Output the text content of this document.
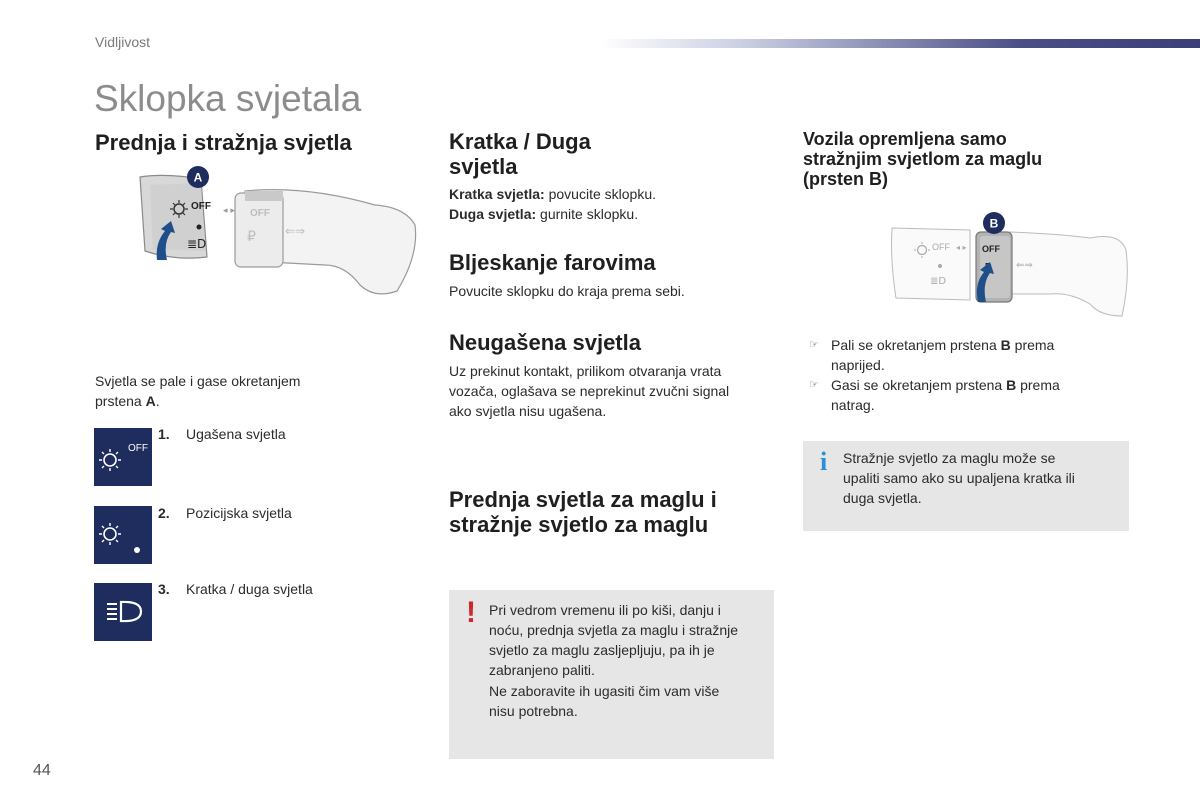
Vidljivost
Sklopka svjetala
Prednja i stražnja svjetla
OFF
₽ ⇐⇒
OFF
≣D
◂ ▸
A
Svjetla se pale i gase okretanjem
prstena A.
OFF
1. Ugašena svjetla
2. Pozicijska svjetla
3. Kratka / duga svjetla
Kratka / Duga
svjetla
Kratka svjetla: povucite sklopku.
Duga svjetla: gurnite sklopku.
Bljeskanje farovima
Povucite sklopku do kraja prema sebi.
Neugašena svjetla
Uz prekinut kontakt, prilikom otvaranja vrata
vozača, oglašava se neprekinut zvučni signal
ako svjetla nisu ugašena.
Prednja svjetla za maglu i
stražnje svjetlo za maglu
! Pri vedrom vremenu ili po kiši, danju i
noću, prednja svjetla za maglu i stražnje
svjetlo za maglu zasljepljuju, pa ih je
zabranjeno paliti.
Ne zaboravite ih ugasiti čim vam više
nisu potrebna.
Vozila opremljena samo
stražnjim svjetlom za maglu
(prsten B)
OFF
≣D
◂ ▸ OFF
⇐⇒
B
☞ Pali se okretanjem prstena B prema
naprijed.
☞ Gasi se okretanjem prstena B prema
natrag.
i Stražnje svjetlo za maglu može se
upaliti samo ako su upaljena kratka ili
duga svjetla.
44
